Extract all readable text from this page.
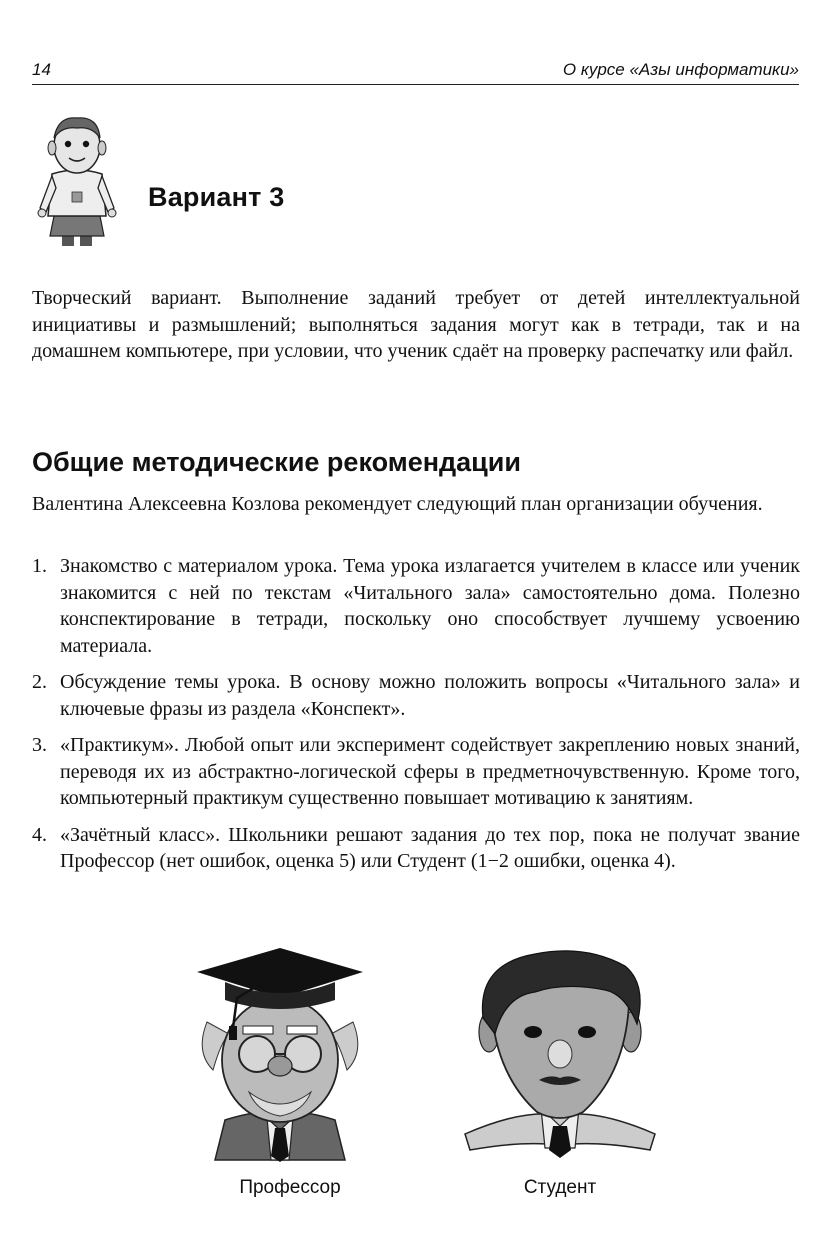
14	О курсе «Азы информатики»
Вариант 3
Творческий вариант. Выполнение заданий требует от детей интеллектуальной инициативы и размышлений; выполняться задания могут как в тетради, так и на домашнем компьютере, при условии, что ученик сдаёт на проверку распечатку или файл.
Общие методические рекомендации
Валентина Алексеевна Козлова рекомендует следующий план организации обучения.
1. Знакомство с материалом урока. Тема урока излагается учителем в классе или ученик знакомится с ней по текстам «Читального зала» самостоятельно дома. Полезно конспектирование в тетради, поскольку оно способствует лучшему усвоению материала.
2. Обсуждение темы урока. В основу можно положить вопросы «Читального зала» и ключевые фразы из раздела «Конспект».
3. «Практикум». Любой опыт или эксперимент содействует закреплению новых знаний, переводя их из абстрактно-логической сферы в предметночувственную. Кроме того, компьютерный практикум существенно повышает мотивацию к занятиям.
4. «Зачётный класс». Школьники решают задания до тех пор, пока не получат звание Профессор (нет ошибок, оценка 5) или Студент (1−2 ошибки, оценка 4).
Профессор	Студент
